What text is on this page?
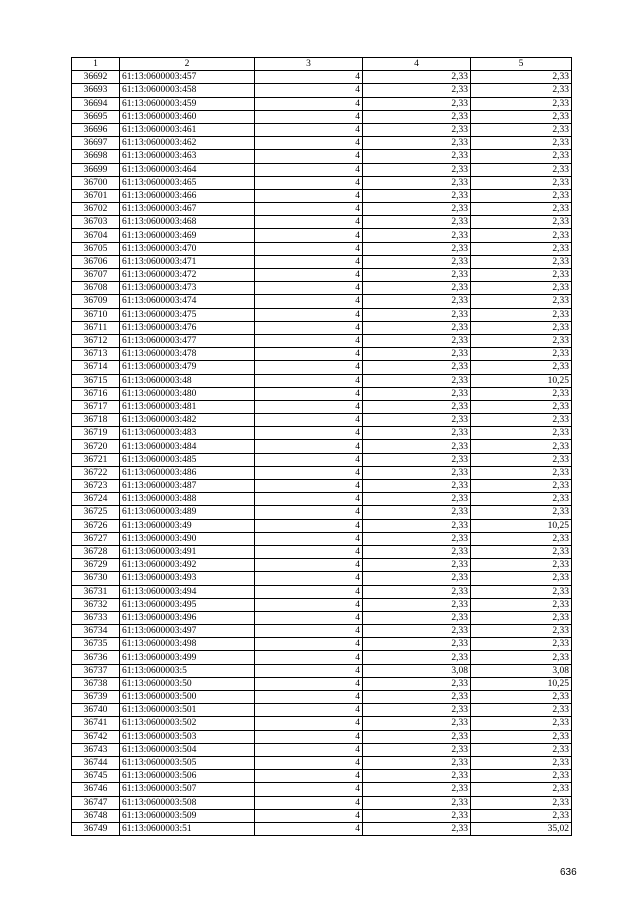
1	2	3	4	5
36692	61:13:0600003:457	4	2,33	2,33
36693	61:13:0600003:458	4	2,33	2,33
36694	61:13:0600003:459	4	2,33	2,33
36695	61:13:0600003:460	4	2,33	2,33
36696	61:13:0600003:461	4	2,33	2,33
36697	61:13:0600003:462	4	2,33	2,33
36698	61:13:0600003:463	4	2,33	2,33
36699	61:13:0600003:464	4	2,33	2,33
36700	61:13:0600003:465	4	2,33	2,33
36701	61:13:0600003:466	4	2,33	2,33
36702	61:13:0600003:467	4	2,33	2,33
36703	61:13:0600003:468	4	2,33	2,33
36704	61:13:0600003:469	4	2,33	2,33
36705	61:13:0600003:470	4	2,33	2,33
36706	61:13:0600003:471	4	2,33	2,33
36707	61:13:0600003:472	4	2,33	2,33
36708	61:13:0600003:473	4	2,33	2,33
36709	61:13:0600003:474	4	2,33	2,33
36710	61:13:0600003:475	4	2,33	2,33
36711	61:13:0600003:476	4	2,33	2,33
36712	61:13:0600003:477	4	2,33	2,33
36713	61:13:0600003:478	4	2,33	2,33
36714	61:13:0600003:479	4	2,33	2,33
36715	61:13:0600003:48	4	2,33	10,25
36716	61:13:0600003:480	4	2,33	2,33
36717	61:13:0600003:481	4	2,33	2,33
36718	61:13:0600003:482	4	2,33	2,33
36719	61:13:0600003:483	4	2,33	2,33
36720	61:13:0600003:484	4	2,33	2,33
36721	61:13:0600003:485	4	2,33	2,33
36722	61:13:0600003:486	4	2,33	2,33
36723	61:13:0600003:487	4	2,33	2,33
36724	61:13:0600003:488	4	2,33	2,33
36725	61:13:0600003:489	4	2,33	2,33
36726	61:13:0600003:49	4	2,33	10,25
36727	61:13:0600003:490	4	2,33	2,33
36728	61:13:0600003:491	4	2,33	2,33
36729	61:13:0600003:492	4	2,33	2,33
36730	61:13:0600003:493	4	2,33	2,33
36731	61:13:0600003:494	4	2,33	2,33
36732	61:13:0600003:495	4	2,33	2,33
36733	61:13:0600003:496	4	2,33	2,33
36734	61:13:0600003:497	4	2,33	2,33
36735	61:13:0600003:498	4	2,33	2,33
36736	61:13:0600003:499	4	2,33	2,33
36737	61:13:0600003:5	4	3,08	3,08
36738	61:13:0600003:50	4	2,33	10,25
36739	61:13:0600003:500	4	2,33	2,33
36740	61:13:0600003:501	4	2,33	2,33
36741	61:13:0600003:502	4	2,33	2,33
36742	61:13:0600003:503	4	2,33	2,33
36743	61:13:0600003:504	4	2,33	2,33
36744	61:13:0600003:505	4	2,33	2,33
36745	61:13:0600003:506	4	2,33	2,33
36746	61:13:0600003:507	4	2,33	2,33
36747	61:13:0600003:508	4	2,33	2,33
36748	61:13:0600003:509	4	2,33	2,33
36749	61:13:0600003:51	4	2,33	35,02
636
